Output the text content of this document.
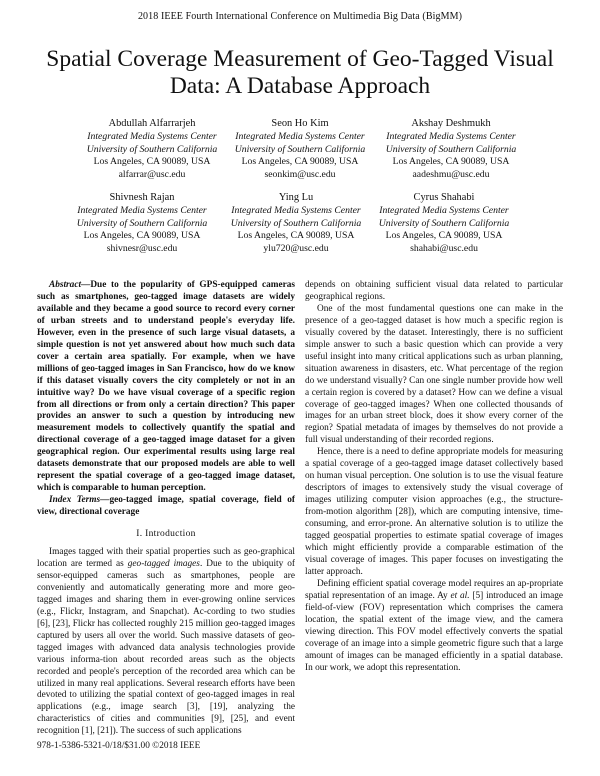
2018 IEEE Fourth International Conference on Multimedia Big Data (BigMM)
Spatial Coverage Measurement of Geo-Tagged Visual Data: A Database Approach
Abdullah Alfarrarjeh
Integrated Media Systems Center
University of Southern California
Los Angeles, CA 90089, USA
alfarrar@usc.edu
Seon Ho Kim
Integrated Media Systems Center
University of Southern California
Los Angeles, CA 90089, USA
seonkim@usc.edu
Akshay Deshmukh
Integrated Media Systems Center
University of Southern California
Los Angeles, CA 90089, USA
aadeshmu@usc.edu
Shivnesh Rajan
Integrated Media Systems Center
University of Southern California
Los Angeles, CA 90089, USA
shivnesr@usc.edu
Ying Lu
Integrated Media Systems Center
University of Southern California
Los Angeles, CA 90089, USA
ylu720@usc.edu
Cyrus Shahabi
Integrated Media Systems Center
University of Southern California
Los Angeles, CA 90089, USA
shahabi@usc.edu

Abstract—Due to the popularity of GPS-equipped cameras such as smartphones, geo-tagged image datasets are widely available and they became a good source to record every corner of urban streets and to understand people's everyday life. However, even in the presence of such large visual datasets, a simple question is not yet answered about how much such data cover a certain area spatially. For example, when we have millions of geo-tagged images in San Francisco, how do we know if this dataset visually covers the city completely or not in an intuitive way? Do we have visual coverage of a specific region from all directions or from only a certain direction? This paper provides an answer to such a question by introducing new measurement models to collectively quantify the spatial and directional coverage of a geo-tagged image dataset for a given geographical region. Our experimental results using large real datasets demonstrate that our proposed models are able to well represent the spatial coverage of a geo-tagged image dataset, which is comparable to human perception.

Index Terms—geo-tagged image, spatial coverage, field of view, directional coverage

I. Introduction

Images tagged with their spatial properties such as geo-graphical location are termed as geo-tagged images. Due to the ubiquity of sensor-equipped cameras such as smartphones, people are conveniently and automatically generating more and more geo-tagged images and sharing them in ever-growing online services (e.g., Flickr, Instagram, and Snapchat). Ac-cording to two studies [6], [23], Flickr has collected roughly 215 million geo-tagged images captured by users all over the world. Such massive datasets of geo-tagged images with advanced data analysis technologies provide various informa-tion about recorded areas such as the objects recorded and people's perception of the recorded area which can be utilized in many real applications. Several research efforts have been devoted to utilizing the spatial context of geo-tagged images in real applications (e.g., image search [3], [19], analyzing the characteristics of cities and communities [9], [25], and event recognition [1], [21]). The success of such applications

depends on obtaining sufficient visual data related to particular geographical regions.

One of the most fundamental questions one can make in the presence of a geo-tagged dataset is how much a specific region is visually covered by the dataset. Interestingly, there is no sufficient simple answer to such a basic question which can provide a very useful insight into many critical applications such as urban planning, situation awareness in disasters, etc. What percentage of the region do we understand visually? Can one single number provide how well a certain region is covered by a dataset? How can we define a visual coverage of geo-tagged images? When one collected thousands of images for an urban street block, does it show every corner of the region? Spatial metadata of images by themselves do not provide a full visual understanding of their recorded regions.

Hence, there is a need to define appropriate models for measuring a spatial coverage of a geo-tagged image dataset collectively based on human visual perception. One solution is to use the visual feature descriptors of images to extensively study the visual coverage of images utilizing computer vision approaches (e.g., the structure-from-motion algorithm [28]), which are computing intensive, time-consuming, and error-prone. An alternative solution is to utilize the tagged geospatial properties to estimate spatial coverage of images which might efficiently provide a comparable estimation of the visual coverage of images. This paper focuses on investigating the latter approach.

Defining efficient spatial coverage model requires an ap-propriate spatial representation of an image. Ay et al. [5] introduced an image field-of-view (FOV) representation which comprises the camera location, the spatial extent of the image view, and the camera viewing direction. This FOV model effectively converts the spatial coverage of an image into a simple geometric figure such that a large amount of images can be managed efficiently in a spatial database. In our work, we adopt this representation.

978-1-5386-5321-0/18/$31.00 ©2018 IEEE
